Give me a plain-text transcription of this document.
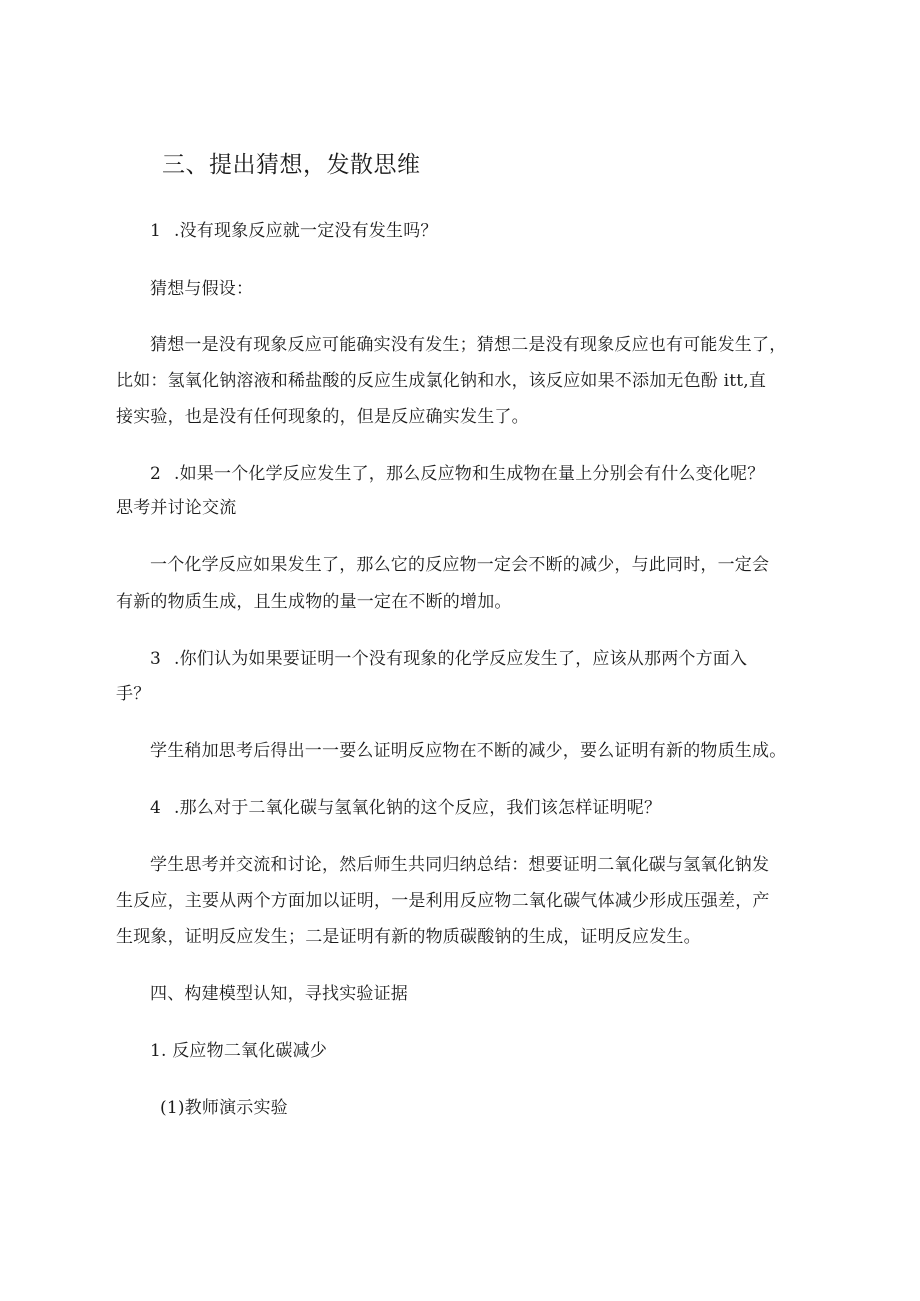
三、提出猜想，发散思维
1 .没有现象反应就一定没有发生吗？
猜想与假设：
猜想一是没有现象反应可能确实没有发生；猜想二是没有现象反应也有可能发生了，
比如：氢氧化钠溶液和稀盐酸的反应生成氯化钠和水，该反应如果不添加无色酚 itt,直
接实验，也是没有任何现象的，但是反应确实发生了。
2 .如果一个化学反应发生了，那么反应物和生成物在量上分别会有什么变化呢？
思考并讨论交流
一个化学反应如果发生了，那么它的反应物一定会不断的减少，与此同时，一定会
有新的物质生成，且生成物的量一定在不断的增加。
3 .你们认为如果要证明一个没有现象的化学反应发生了，应该从那两个方面入
手？
学生稍加思考后得出一一要么证明反应物在不断的减少，要么证明有新的物质生成。
4 .那么对于二氧化碳与氢氧化钠的这个反应，我们该怎样证明呢？
学生思考并交流和讨论，然后师生共同归纳总结：想要证明二氧化碳与氢氧化钠发
生反应，主要从两个方面加以证明，一是利用反应物二氧化碳气体减少形成压强差，产
生现象，证明反应发生；二是证明有新的物质碳酸钠的生成，证明反应发生。
四、构建模型认知，寻找实验证据
1. 反应物二氧化碳减少
(1)教师演示实验
